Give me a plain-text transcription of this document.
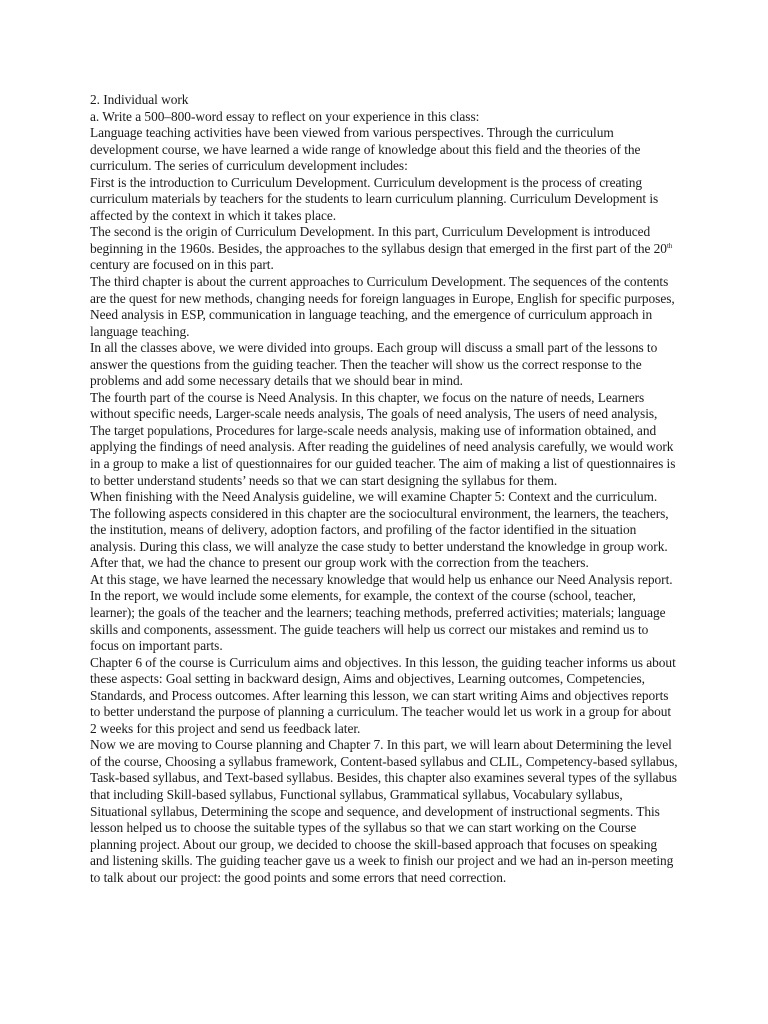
2. Individual work

a. Write a 500–800-word essay to reflect on your experience in this class:

Language teaching activities have been viewed from various perspectives. Through the curriculum development course, we have learned a wide range of knowledge about this field and the theories of the curriculum. The series of curriculum development includes:

First is the introduction to Curriculum Development. Curriculum development is the process of creating curriculum materials by teachers for the students to learn curriculum planning. Curriculum Development is affected by the context in which it takes place.

The second is the origin of Curriculum Development. In this part, Curriculum Development is introduced beginning in the 1960s. Besides, the approaches to the syllabus design that emerged in the first part of the 20th century are focused on in this part.

The third chapter is about the current approaches to Curriculum Development. The sequences of the contents are the quest for new methods, changing needs for foreign languages in Europe, English for specific purposes, Need analysis in ESP, communication in language teaching, and the emergence of curriculum approach in language teaching.

In all the classes above, we were divided into groups. Each group will discuss a small part of the lessons to answer the questions from the guiding teacher. Then the teacher will show us the correct response to the problems and add some necessary details that we should bear in mind.

The fourth part of the course is Need Analysis. In this chapter, we focus on the nature of needs, Learners without specific needs, Larger-scale needs analysis, The goals of need analysis, The users of need analysis, The target populations, Procedures for large-scale needs analysis, making use of information obtained, and applying the findings of need analysis. After reading the guidelines of need analysis carefully, we would work in a group to make a list of questionnaires for our guided teacher. The aim of making a list of questionnaires is to better understand students’ needs so that we can start designing the syllabus for them.

When finishing with the Need Analysis guideline, we will examine Chapter 5: Context and the curriculum. The following aspects considered in this chapter are the sociocultural environment, the learners, the teachers, the institution, means of delivery, adoption factors, and profiling of the factor identified in the situation analysis. During this class, we will analyze the case study to better understand the knowledge in group work. After that, we had the chance to present our group work with the correction from the teachers.

At this stage, we have learned the necessary knowledge that would help us enhance our Need Analysis report. In the report, we would include some elements, for example, the context of the course (school, teacher, learner); the goals of the teacher and the learners; teaching methods, preferred activities; materials; language skills and components, assessment. The guide teachers will help us correct our mistakes and remind us to focus on important parts.

Chapter 6 of the course is Curriculum aims and objectives. In this lesson, the guiding teacher informs us about these aspects: Goal setting in backward design, Aims and objectives, Learning outcomes, Competencies, Standards, and Process outcomes. After learning this lesson, we can start writing Aims and objectives reports to better understand the purpose of planning a curriculum. The teacher would let us work in a group for about 2 weeks for this project and send us feedback later.

Now we are moving to Course planning and Chapter 7. In this part, we will learn about Determining the level of the course, Choosing a syllabus framework, Content-based syllabus and CLIL, Competency-based syllabus, Task-based syllabus, and Text-based syllabus. Besides, this chapter also examines several types of the syllabus that including Skill-based syllabus, Functional syllabus, Grammatical syllabus, Vocabulary syllabus, Situational syllabus, Determining the scope and sequence, and development of instructional segments. This lesson helped us to choose the suitable types of the syllabus so that we can start working on the Course planning project. About our group, we decided to choose the skill-based approach that focuses on speaking and listening skills. The guiding teacher gave us a week to finish our project and we had an in-person meeting to talk about our project: the good points and some errors that need correction.
